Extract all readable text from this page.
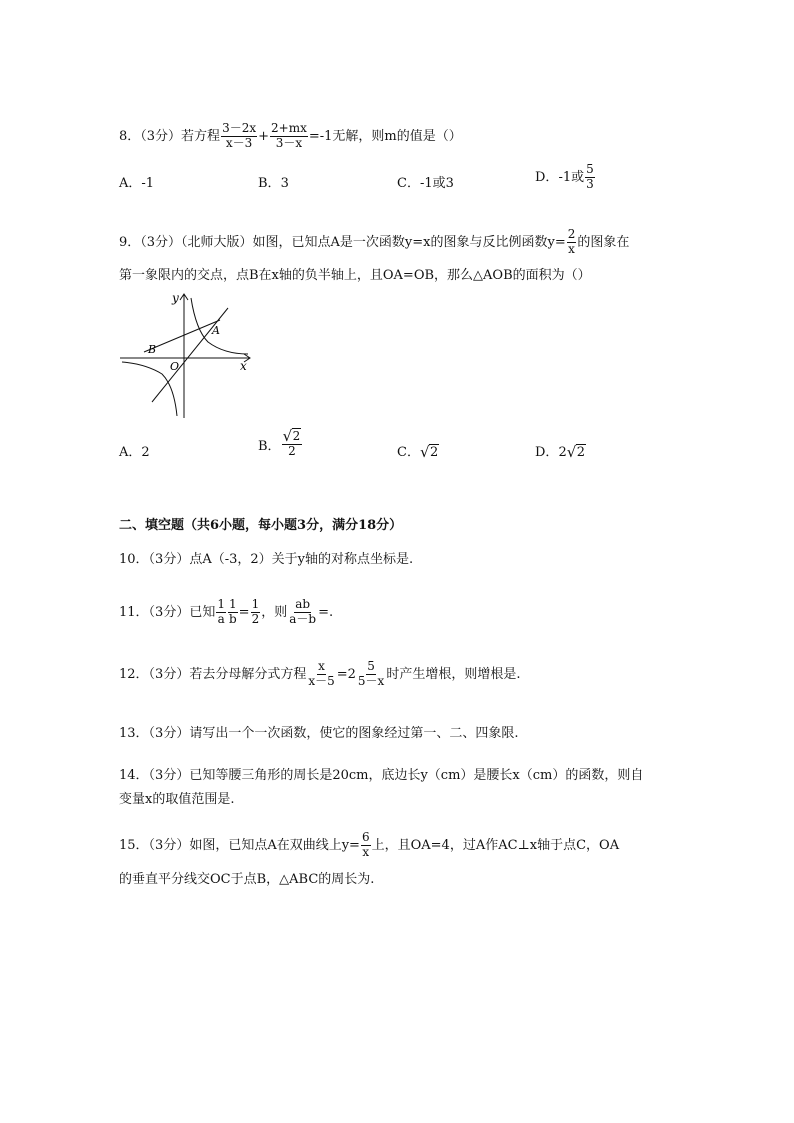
8．（3分）若方程 $\frac{3-2x}{x-3} + \frac{2+mx}{3-x} =-1$无解，则m的值是（）
A．-1	B．3	C．-1或3	D．-1或 $\frac{5}{3}$
9．（3分）（北师大版）如图，已知点A是一次函数y=x的图象与反比例函数$y= \frac{2}{x}$ 的图象在
第一象限内的交点，点B在x轴的负半轴上，且OA=OB，那么△AOB的面积为（）
y
x
A
B
O
A．2	B． $\frac{√ 2}{2}$	C． √ 2	D．2 √ 2
二、填空题（共6小题，每小题3分，满分18分）
10．（3分）点A（-3，2）关于y轴的对称点坐标是.
11．（3分）已知 $\frac{1}{a} \frac{1}{b} = \frac{1}{2}$ ，则 $\frac{ab}{a-b}$ =.
12．（3分）若去分母解分式方程 $\frac{x}{x-5} =2 \frac{5}{5-x}$ 时产生增根，则增根是.
13．（3分）请写出一个一次函数，使它的图象经过第一、二、四象限.
14．（3分）已知等腰三角形的周长是20cm，底边长y（cm）是腰长x（cm）的函数，则自
变量x的取值范围是.
15．（3分）如图，已知点A在双曲线上$y= \frac{6}{x}$ 上，且OA=4，过A作AC⊥x轴于点C，OA
的垂直平分线交OC于点B，△ABC的周长为.
